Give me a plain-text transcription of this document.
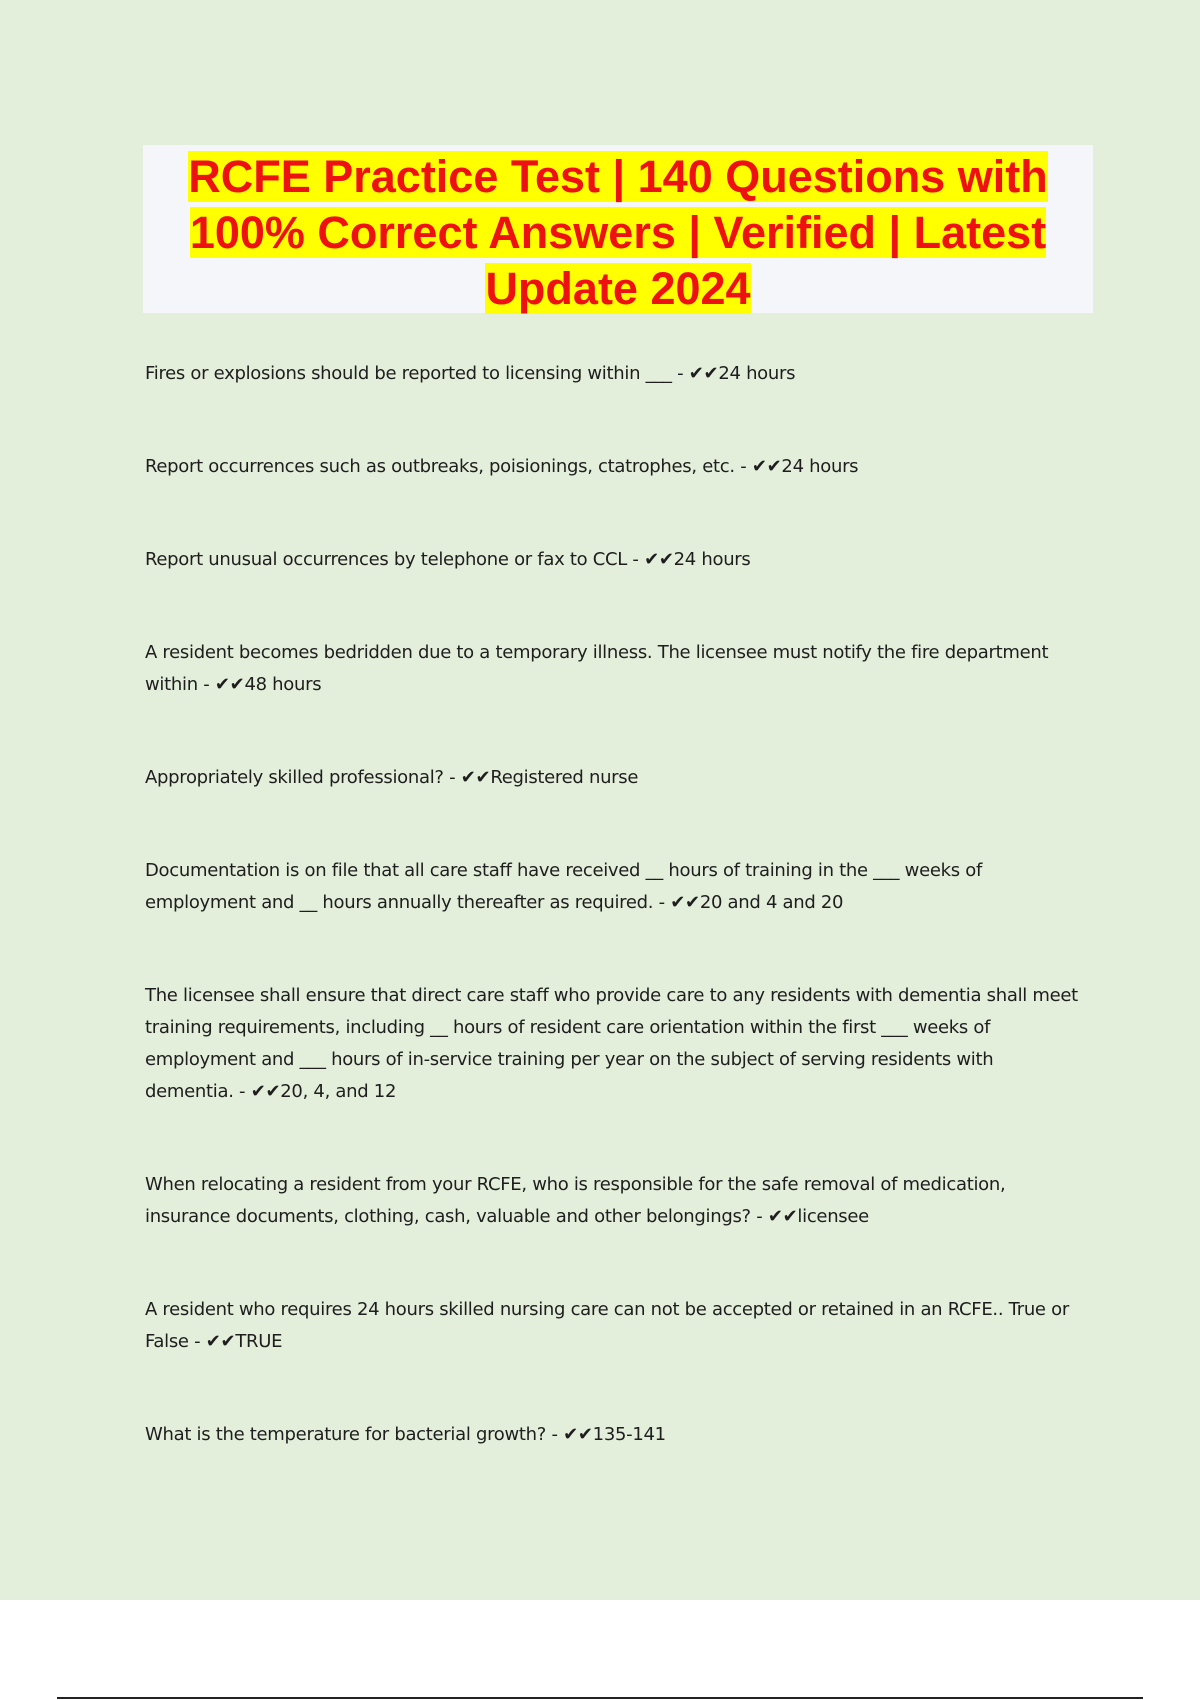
RCFE Practice Test | 140 Questions with 100% Correct Answers | Verified | Latest Update 2024
Fires or explosions should be reported to licensing within ___ - ✔✔24 hours
Report occurrences such as outbreaks, poisionings, ctatrophes, etc. - ✔✔24 hours
Report unusual occurrences by telephone or fax to CCL - ✔✔24 hours
A resident becomes bedridden due to a temporary illness. The licensee must notify the fire department within - ✔✔48 hours
Appropriately skilled professional? - ✔✔Registered nurse
Documentation is on file that all care staff have received __ hours of training in the ___ weeks of employment and __ hours annually thereafter as required. - ✔✔20 and 4 and 20
The licensee shall ensure that direct care staff who provide care to any residents with dementia shall meet training requirements, including __ hours of resident care orientation within the first ___ weeks of employment and ___ hours of in-service training per year on the subject of serving residents with dementia. - ✔✔20, 4, and 12
When relocating a resident from your RCFE, who is responsible for the safe removal of medication, insurance documents, clothing, cash, valuable and other belongings? - ✔✔licensee
A resident who requires 24 hours skilled nursing care can not be accepted or retained in an RCFE.. True or False - ✔✔TRUE
What is the temperature for bacterial growth? - ✔✔135-141
